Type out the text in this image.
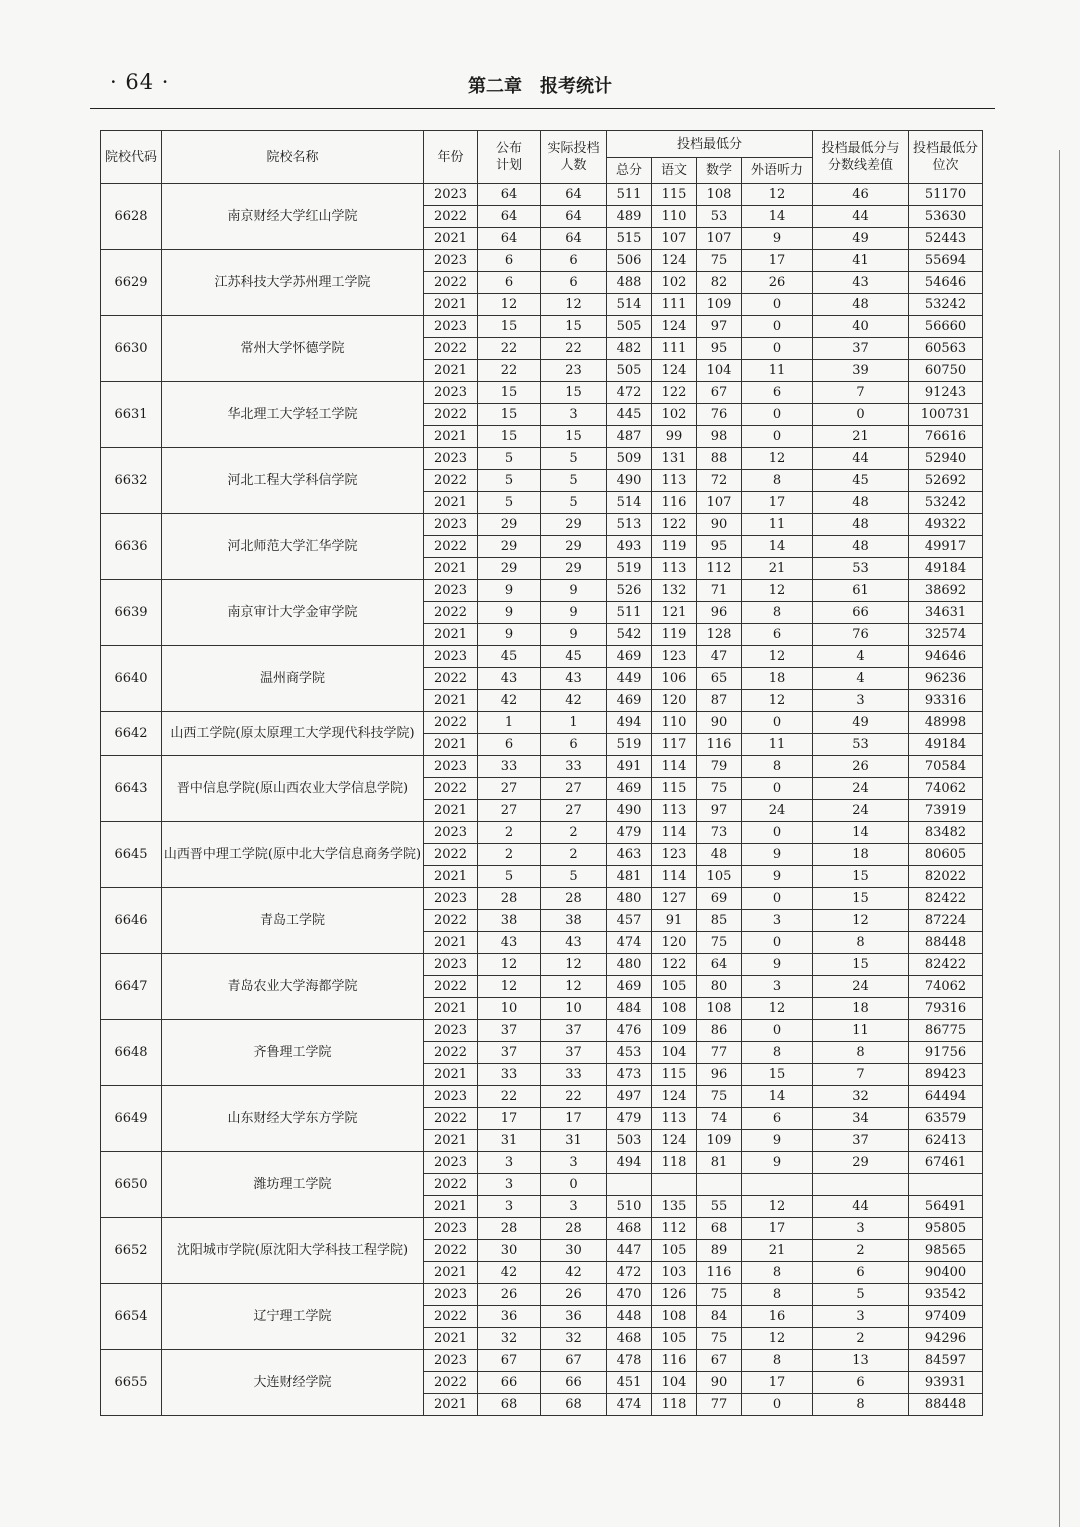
· 64 ·	第二章　报考统计
院校代码	院校名称	年份	公布计划	实际投档人数	投档最低分				投档最低分与分数线差值	投档最低分位次
					总分	语文	数学	外语听力		
6628	南京财经大学红山学院	2023	64	64	511	115	108	12	46	51170
		2022	64	64	489	110	53	14	44	53630
		2021	64	64	515	107	107	9	49	52443
6629	江苏科技大学苏州理工学院	2023	6	6	506	124	75	17	41	55694
		2022	6	6	488	102	82	26	43	54646
		2021	12	12	514	111	109	0	48	53242
6630	常州大学怀德学院	2023	15	15	505	124	97	0	40	56660
		2022	22	22	482	111	95	0	37	60563
		2021	22	23	505	124	104	11	39	60750
6631	华北理工大学轻工学院	2023	15	15	472	122	67	6	7	91243
		2022	15	3	445	102	76	0	0	100731
		2021	15	15	487	99	98	0	21	76616
6632	河北工程大学科信学院	2023	5	5	509	131	88	12	44	52940
		2022	5	5	490	113	72	8	45	52692
		2021	5	5	514	116	107	17	48	53242
6636	河北师范大学汇华学院	2023	29	29	513	122	90	11	48	49322
		2022	29	29	493	119	95	14	48	49917
		2021	29	29	519	113	112	21	53	49184
6639	南京审计大学金审学院	2023	9	9	526	132	71	12	61	38692
		2022	9	9	511	121	96	8	66	34631
		2021	9	9	542	119	128	6	76	32574
6640	温州商学院	2023	45	45	469	123	47	12	4	94646
		2022	43	43	449	106	65	18	4	96236
		2021	42	42	469	120	87	12	3	93316
6642	山西工学院(原太原理工大学现代科技学院)	2022	1	1	494	110	90	0	49	48998
		2021	6	6	519	117	116	11	53	49184
6643	晋中信息学院(原山西农业大学信息学院)	2023	33	33	491	114	79	8	26	70584
		2022	27	27	469	115	75	0	24	74062
		2021	27	27	490	113	97	24	24	73919
6645	山西晋中理工学院(原中北大学信息商务学院)	2023	2	2	479	114	73	0	14	83482
		2022	2	2	463	123	48	9	18	80605
		2021	5	5	481	114	105	9	15	82022
6646	青岛工学院	2023	28	28	480	127	69	0	15	82422
		2022	38	38	457	91	85	3	12	87224
		2021	43	43	474	120	75	0	8	88448
6647	青岛农业大学海都学院	2023	12	12	480	122	64	9	15	82422
		2022	12	12	469	105	80	3	24	74062
		2021	10	10	484	108	108	12	18	79316
6648	齐鲁理工学院	2023	37	37	476	109	86	0	11	86775
		2022	37	37	453	104	77	8	8	91756
		2021	33	33	473	115	96	15	7	89423
6649	山东财经大学东方学院	2023	22	22	497	124	75	14	32	64494
		2022	17	17	479	113	74	6	34	63579
		2021	31	31	503	124	109	9	37	62413
6650	潍坊理工学院	2023	3	3	494	118	81	9	29	67461
		2022	3	0						
		2021	3	3	510	135	55	12	44	56491
6652	沈阳城市学院(原沈阳大学科技工程学院)	2023	28	28	468	112	68	17	3	95805
		2022	30	30	447	105	89	21	2	98565
		2021	42	42	472	103	116	8	6	90400
6654	辽宁理工学院	2023	26	26	470	126	75	8	5	93542
		2022	36	36	448	108	84	16	3	97409
		2021	32	32	468	105	75	12	2	94296
6655	大连财经学院	2023	67	67	478	116	67	8	13	84597
		2022	66	66	451	104	90	17	6	93931
		2021	68	68	474	118	77	0	8	88448
